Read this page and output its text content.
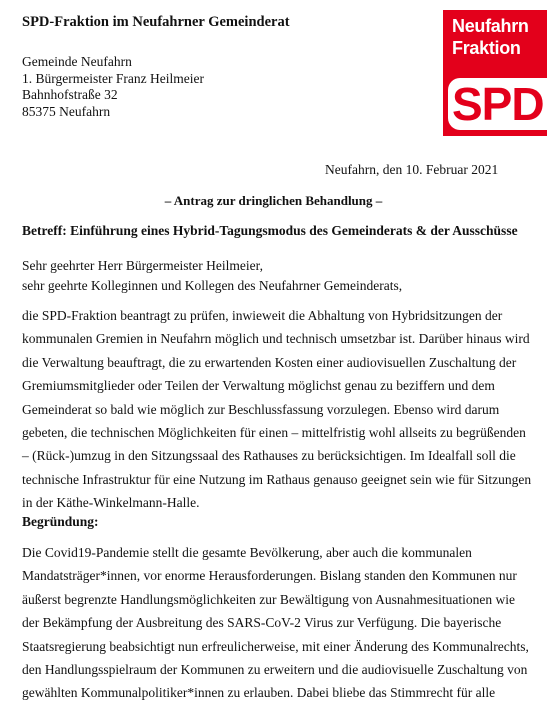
SPD-Fraktion im Neufahrner Gemeinderat	Neufahrn
Fraktion
SPD
Gemeinde Neufahrn
1. Bürgermeister Franz Heilmeier
Bahnhofstraße 32
85375 Neufahrn
Neufahrn, den 10. Februar 2021
– Antrag zur dringlichen Behandlung –
Betreff: Einführung eines Hybrid-Tagungsmodus des Gemeinderats & der Ausschüsse
Sehr geehrter Herr Bürgermeister Heilmeier,
sehr geehrte Kolleginnen und Kollegen des Neufahrner Gemeinderats,
die SPD-Fraktion beantragt zu prüfen, inwieweit die Abhaltung von Hybridsitzungen der
kommunalen Gremien in Neufahrn möglich und technisch umsetzbar ist. Darüber hinaus wird
die Verwaltung beauftragt, die zu erwartenden Kosten einer audiovisuellen Zuschaltung der
Gremiumsmitglieder oder Teilen der Verwaltung möglichst genau zu beziffern und dem
Gemeinderat so bald wie möglich zur Beschlussfassung vorzulegen. Ebenso wird darum
gebeten, die technischen Möglichkeiten für einen – mittelfristig wohl allseits zu begrüßenden
– (Rück-)umzug in den Sitzungssaal des Rathauses zu berücksichtigen. Im Idealfall soll die
technische Infrastruktur für eine Nutzung im Rathaus genauso geeignet sein wie für Sitzungen
in der Käthe-Winkelmann-Halle.
Begründung:
Die Covid19-Pandemie stellt die gesamte Bevölkerung, aber auch die kommunalen
Mandatsträger*innen, vor enorme Herausforderungen. Bislang standen den Kommunen nur
äußerst begrenzte Handlungsmöglichkeiten zur Bewältigung von Ausnahmesituationen wie
der Bekämpfung der Ausbreitung des SARS-CoV-2 Virus zur Verfügung. Die bayerische
Staatsregierung beabsichtigt nun erfreulicherweise, mit einer Änderung des Kommunalrechts,
den Handlungsspielraum der Kommunen zu erweitern und die audiovisuelle Zuschaltung von
gewählten Kommunalpolitiker*innen zu erlauben. Dabei bliebe das Stimmrecht für alle
